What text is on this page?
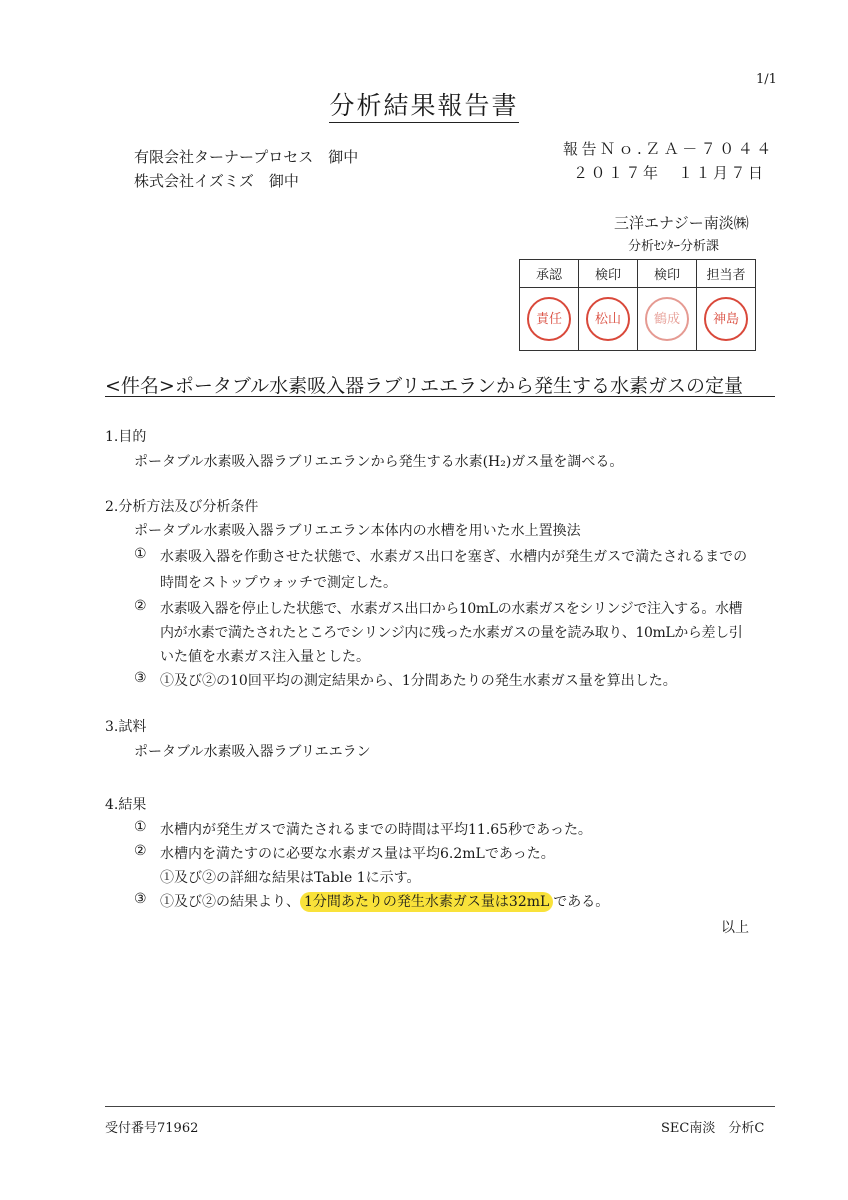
1/1
分析結果報告書
有限会社ターナープロセス　御中
株式会社イズミズ　御中
報告Ｎｏ.ＺＡ－７０４４
２０１７年　１１月７日
三洋エナジー南淡㈱
分析ｾﾝﾀｰ分析課
承認	検印	検印	担当者

責任	松山	鶴成	神島
<件名>ポータブル水素吸入器ラブリエエランから発生する水素ガスの定量
1.目的
ポータブル水素吸入器ラブリエエランから発生する水素(H₂)ガス量を調べる。
2.分析方法及び分析条件
ポータブル水素吸入器ラブリエエラン本体内の水槽を用いた水上置換法
① 水素吸入器を作動させた状態で、水素ガス出口を塞ぎ、水槽内が発生ガスで満たされるまでの
時間をストップウォッチで測定した。
② 水素吸入器を停止した状態で、水素ガス出口から10mLの水素ガスをシリンジで注入する。水槽
内が水素で満たされたところでシリンジ内に残った水素ガスの量を読み取り、10mLから差し引
いた値を水素ガス注入量とした。
③ ①及び②の10回平均の測定結果から、1分間あたりの発生水素ガス量を算出した。
3.試料
ポータブル水素吸入器ラブリエエラン
4.結果
① 水槽内が発生ガスで満たされるまでの時間は平均11.65秒であった。
② 水槽内を満たすのに必要な水素ガス量は平均6.2mLであった。
①及び②の詳細な結果はTable 1に示す。
③ ①及び②の結果より、 1分間あたりの発生水素ガス量は32mL である。
以上
受付番号71962	SEC南淡　分析C
